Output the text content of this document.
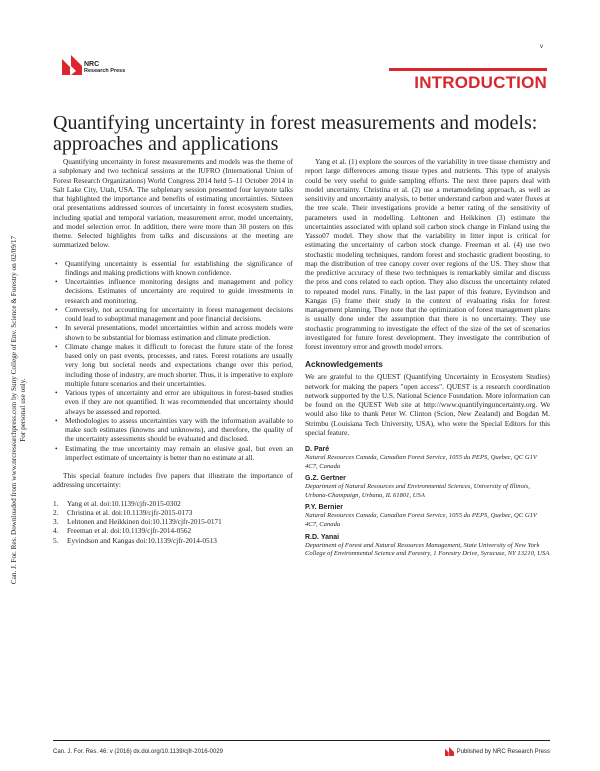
Can. J. For. Res. Downloaded from www.nrcresearchpress.com by Suny College of Env. Science & Forestry on 02/09/17 For personal use only.
v
NRC
Research Press
INTRODUCTION
Quantifying uncertainty in forest measurements and models: approaches and applications

Quantifying uncertainty in forest measurements and models was the theme of a subplenary and two technical sessions at the IUFRO (International Union of Forest Research Organizations) World Congress 2014 held 5–11 October 2014 in Salt Lake City, Utah, USA. The subplenary session presented four keynote talks that highlighted the importance and benefits of estimating uncertainties. Sixteen oral presentations addressed sources of uncertainty in forest ecosystem studies, including spatial and temporal variation, measurement error, model uncertainty, and model selection error. In addition, there were more than 30 posters on this theme. Selected highlights from talks and discussions at the meeting are summarized below.

• Quantifying uncertainty is essential for establishing the significance of findings and making predictions with known confidence.
• Uncertainties influence monitoring designs and management and policy decisions. Estimates of uncertainty are required to guide investments in research and monitoring.
• Conversely, not accounting for uncertainty in forest management decisions could lead to suboptimal management and poor financial decisions.
• In several presentations, model uncertainties within and across models were shown to be substantial for biomass estimation and climate prediction.
• Climate change makes it difficult to forecast the future state of the forest based only on past events, processes, and rates. Forest rotations are usually very long but societal needs and expectations change over this period, including those of industry, are much shorter. Thus, it is imperative to explore multiple future scenarios and their uncertainties.
• Various types of uncertainty and error are ubiquitous in forest-based studies even if they are not quantified. It was recommended that uncertainty should always be assessed and reported.
• Methodologies to assess uncertainties vary with the information available to make such estimates (knowns and unknowns), and therefore, the quality of the uncertainty assessments should be evaluated and disclosed.
• Estimating the true uncertainty may remain an elusive goal, but even an imperfect estimate of uncertainty is better than no estimate at all.

This special feature includes five papers that illustrate the importance of addressing uncertainty:

1.	Yang et al. doi:10.1139/cjfr-2015-0302
2.	Christina et al. doi:10.1139/cjfr-2015-0173
3.	Lehtonen and Heikkinen doi:10.1139/cjfr-2015-0171
4.	Freeman et al. doi:10.1139/cjfr-2014-0562
5.	Eyvindson and Kangas doi:10.1139/cjfr-2014-0513

Yang et al. (1) explore the sources of the variability in tree tissue chemistry and report large differences among tissue types and nutrients. This type of analysis could be very useful to guide sampling efforts. The next three papers deal with model uncertainty. Christina et al. (2) use a metamodeling approach, as well as sensitivity and uncertainty analysis, to better understand carbon and water fluxes at the tree scale. Their investigations provide a better rating of the sensitivity of parameters used in modelling. Lehtonen and Heikkinen (3) estimate the uncertainties associated with upland soil carbon stock change in Finland using the Yasso07 model. They show that the variability in litter input is critical for estimating the uncertainty of carbon stock change. Freeman et al. (4) use two stochastic modeling techniques, random forest and stochastic gradient boosting, to map the distribution of tree canopy cover over regions of the US. They show that the predictive accuracy of these two techniques is remarkably similar and discuss the pros and cons related to each option. They also discuss the uncertainty related to repeated model runs. Finally, in the last paper of this feature, Eyvindson and Kangas (5) frame their study in the context of evaluating risks for forest management planning. They note that the optimization of forest management plans is usually done under the assumption that there is no uncertainty. They use stochastic programming to investigate the effect of the size of the set of scenarios investigated for future forest development. They investigate the contribution of forest inventory error and growth model errors.

Acknowledgements

We are grateful to the QUEST (Quantifying Uncertainty in Ecosystem Studies) network for making the papers "open access". QUEST is a research coordination network supported by the U.S. National Science Foundation. More information can be found on the QUEST Web site at http://www.quantifyinguncertainty.org. We would also like to thank Peter W. Clinton (Scion, New Zealand) and Bogdan M. Strimbu (Louisiana Tech University, USA), who were the Special Editors for this special feature.

D. Paré
Natural Resources Canada, Canadian Forest Service, 1055 du PEPS, Quebec, QC G1V 4C7, Canada
G.Z. Gertner
Department of Natural Resources and Environmental Sciences, University of Illinois, Urbana-Champaign, Urbana, IL 61801, USA
P.Y. Bernier
Natural Resources Canada, Canadian Forest Service, 1055 du PEPS, Quebec, QC G1V 4C7, Canada
R.D. Yanai
Department of Forest and Natural Resources Management, State University of New York College of Environmental Science and Forestry, 1 Forestry Drive, Syracuse, NY 13210, USA
Can. J. For. Res. 46: v (2016) dx.doi.org/10.1139/cjfr-2016-0029	Published by NRC Research Press
